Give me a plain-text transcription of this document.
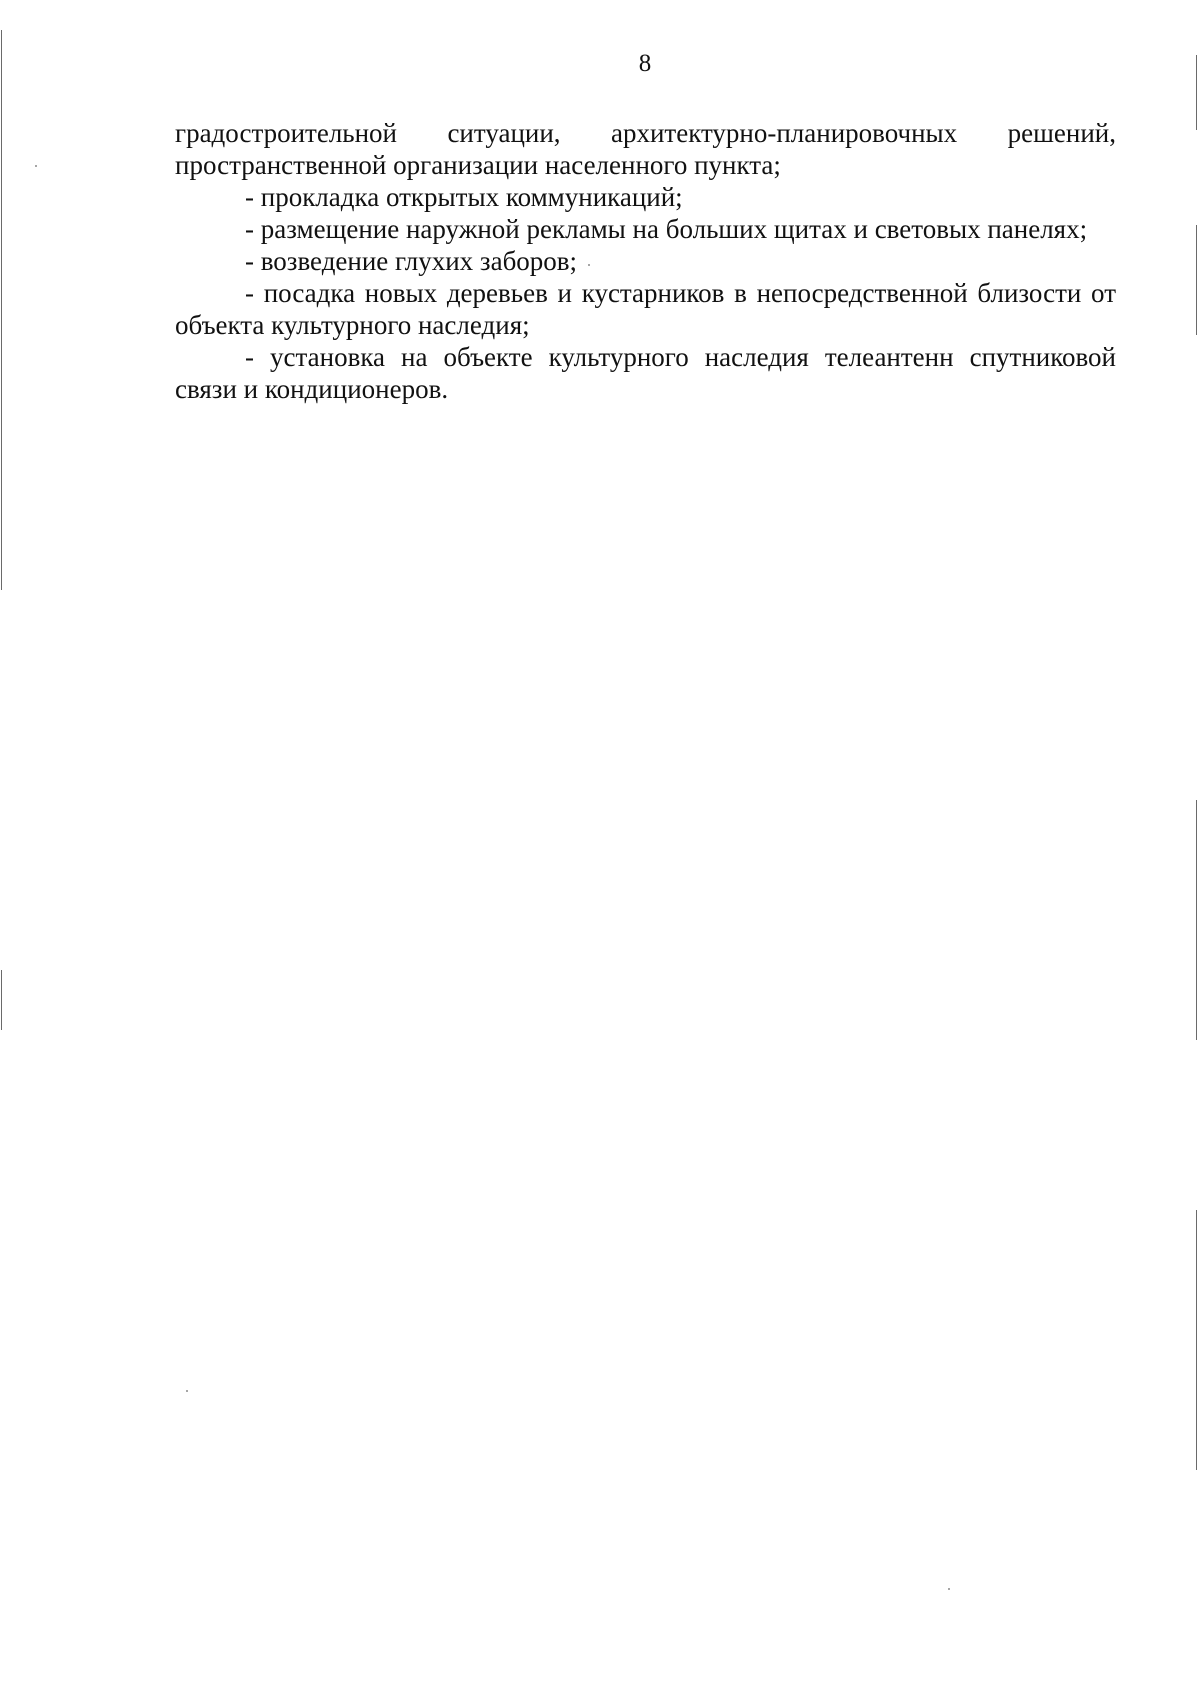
8

градостроительной ситуации, архитектурно-планировочных решений,

пространственной организации населенного пункта;

- прокладка открытых коммуникаций;

- размещение наружной рекламы на больших щитах и световых панелях;

- возведение глухих заборов;

- посадка новых деревьев и кустарников в непосредственной близости от объекта культурного наследия;

- установка на объекте культурного наследия телеантенн спутниковой связи и кондиционеров.
